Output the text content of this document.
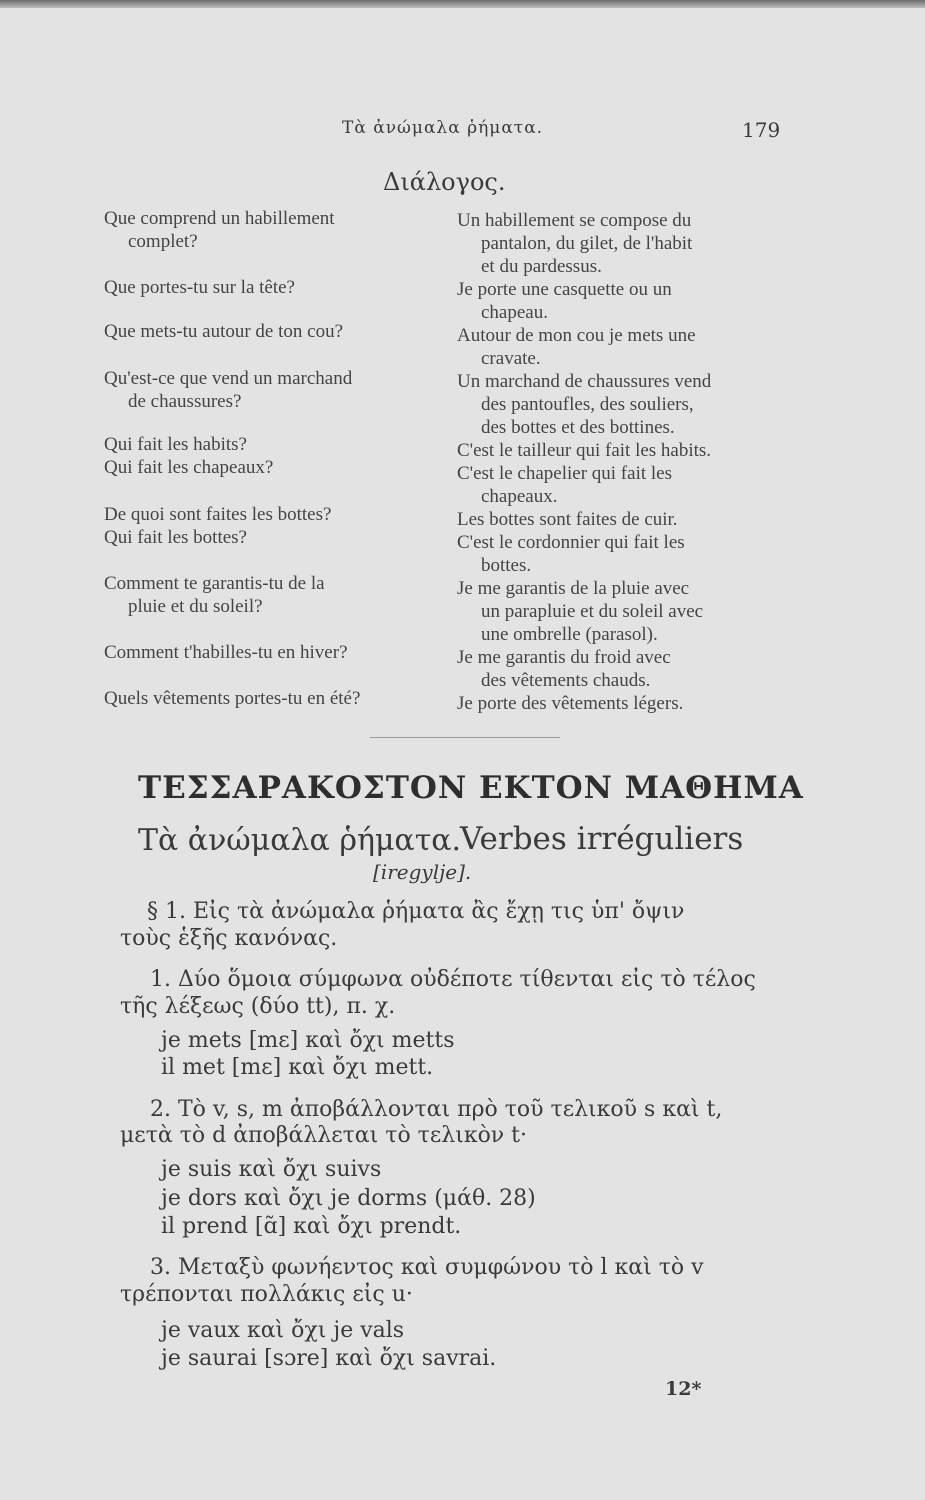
Τὰ ἀνώμαλα ῥήματα.	179
Διάλογος.
Que comprend un habillement
complet?
Que portes-tu sur la tête?
Que mets-tu autour de ton cou?
Qu'est-ce que vend un marchand
de chaussures?
Qui fait les habits?
Qui fait les chapeaux?
De quoi sont faites les bottes?
Qui fait les bottes?
Comment te garantis-tu de la
pluie et du soleil?
Comment t'habilles-tu en hiver?
Quels vêtements portes-tu en été?
Un habillement se compose du
pantalon, du gilet, de l'habit
et du pardessus.
Je porte une casquette ou un
chapeau.
Autour de mon cou je mets une
cravate.
Un marchand de chaussures vend
des pantoufles, des souliers,
des bottes et des bottines.
C'est le tailleur qui fait les habits.
C'est le chapelier qui fait les
chapeaux.
Les bottes sont faites de cuir.
C'est le cordonnier qui fait les
bottes.
Je me garantis de la pluie avec
un parapluie et du soleil avec
une ombrelle (parasol).
Je me garantis du froid avec
des vêtements chauds.
Je porte des vêtements légers.
ΤΕΣΣΑΡΑΚΟΣΤΟΝ ΕΚΤΟΝ ΜΑΘΗΜΑ
Τὰ ἀνώμαλα ῥήματα.
Verbes irréguliers
[iregylje].
§ 1. Εἰς τὰ ἀνώμαλα ῥήματα ἂς ἔχῃ τις ὑπ' ὄψιν
τοὺς ἑξῆς κανόνας.
1. Δύο ὅμοια σύμφωνα οὐδέποτε τίθενται εἰς τὸ τέλος
τῆς λέξεως (δύο tt), π. χ.
je mets [mε] καὶ ὄχι metts
il met [mε] καὶ ὄχι mett.
2. Τὸ v, s, m ἀποβάλλονται πρὸ τοῦ τελικοῦ s καὶ t,
μετὰ τὸ d ἀποβάλλεται τὸ τελικὸν t·
je suis καὶ ὄχι suivs
je dors καὶ ὄχι je dorms (μάθ. 28)
il prend [ɑ̃] καὶ ὄχι prendt.
3. Μεταξὺ φωνήεντος καὶ συμφώνου τὸ l καὶ τὸ v
τρέπονται πολλάκις εἰς u·
je vaux καὶ ὄχι je vals
je saurai [sɔre] καὶ ὄχι savrai.
12*
